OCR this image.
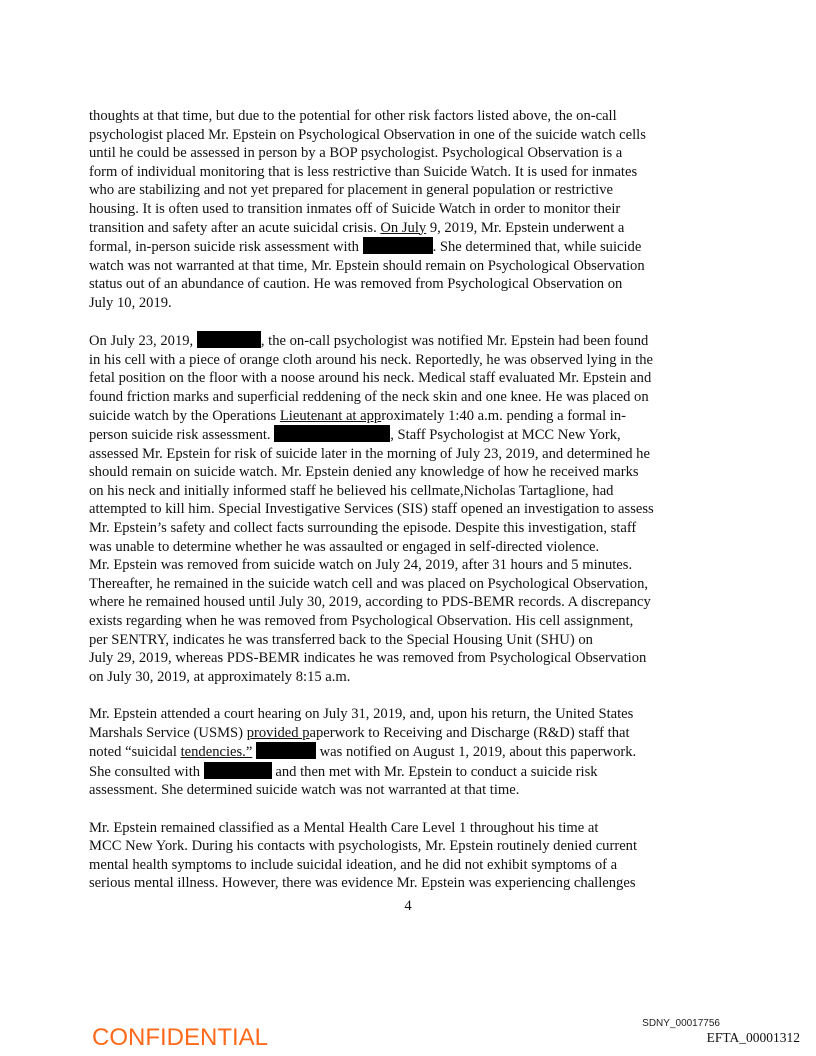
thoughts at that time, but due to the potential for other risk factors listed above, the on-call
psychologist placed Mr. Epstein on Psychological Observation in one of the suicide watch cells
until he could be assessed in person by a BOP psychologist. Psychological Observation is a
form of individual monitoring that is less restrictive than Suicide Watch. It is used for inmates
who are stabilizing and not yet prepared for placement in general population or restrictive
housing. It is often used to transition inmates off of Suicide Watch in order to monitor their
transition and safety after an acute suicidal crisis. On July 9, 2019, Mr. Epstein underwent a
formal, in-person suicide risk assessment with	. She determined that, while suicide
watch was not warranted at that time, Mr. Epstein should remain on Psychological Observation
status out of an abundance of caution. He was removed from Psychological Observation on
July 10, 2019.
On July 23, 2019,	, the on-call psychologist was notified Mr. Epstein had been found
in his cell with a piece of orange cloth around his neck. Reportedly, he was observed lying in the
fetal position on the floor with a noose around his neck. Medical staff evaluated Mr. Epstein and
found friction marks and superficial reddening of the neck skin and one knee. He was placed on
suicide watch by the Operations Lieutenant at approximately 1:40 a.m. pending a formal in-
person suicide risk assessment.	, Staff Psychologist at MCC New York,
assessed Mr. Epstein for risk of suicide later in the morning of July 23, 2019, and determined he
should remain on suicide watch. Mr. Epstein denied any knowledge of how he received marks
on his neck and initially informed staff he believed his cellmate,Nicholas Tartaglione, had
attempted to kill him. Special Investigative Services (SIS) staff opened an investigation to assess
Mr. Epstein’s safety and collect facts surrounding the episode. Despite this investigation, staff
was unable to determine whether he was assaulted or engaged in self-directed violence.
Mr. Epstein was removed from suicide watch on July 24, 2019, after 31 hours and 5 minutes.
Thereafter, he remained in the suicide watch cell and was placed on Psychological Observation,
where he remained housed until July 30, 2019, according to PDS-BEMR records. A discrepancy
exists regarding when he was removed from Psychological Observation. His cell assignment,
per SENTRY, indicates he was transferred back to the Special Housing Unit (SHU) on
July 29, 2019, whereas PDS-BEMR indicates he was removed from Psychological Observation
on July 30, 2019, at approximately 8:15 a.m.
Mr. Epstein attended a court hearing on July 31, 2019, and, upon his return, the United States
Marshals Service (USMS) provided paperwork to Receiving and Discharge (R&D) staff that
noted “suicidal tendencies.”	was notified on August 1, 2019, about this paperwork.
She consulted with	and then met with Mr. Epstein to conduct a suicide risk
assessment. She determined suicide watch was not warranted at that time.
Mr. Epstein remained classified as a Mental Health Care Level 1 throughout his time at
MCC New York. During his contacts with psychologists, Mr. Epstein routinely denied current
mental health symptoms to include suicidal ideation, and he did not exhibit symptoms of a
serious mental illness. However, there was evidence Mr. Epstein was experiencing challenges
4
SDNY_00017756
CONFIDENTIAL	EFTA_00001312
